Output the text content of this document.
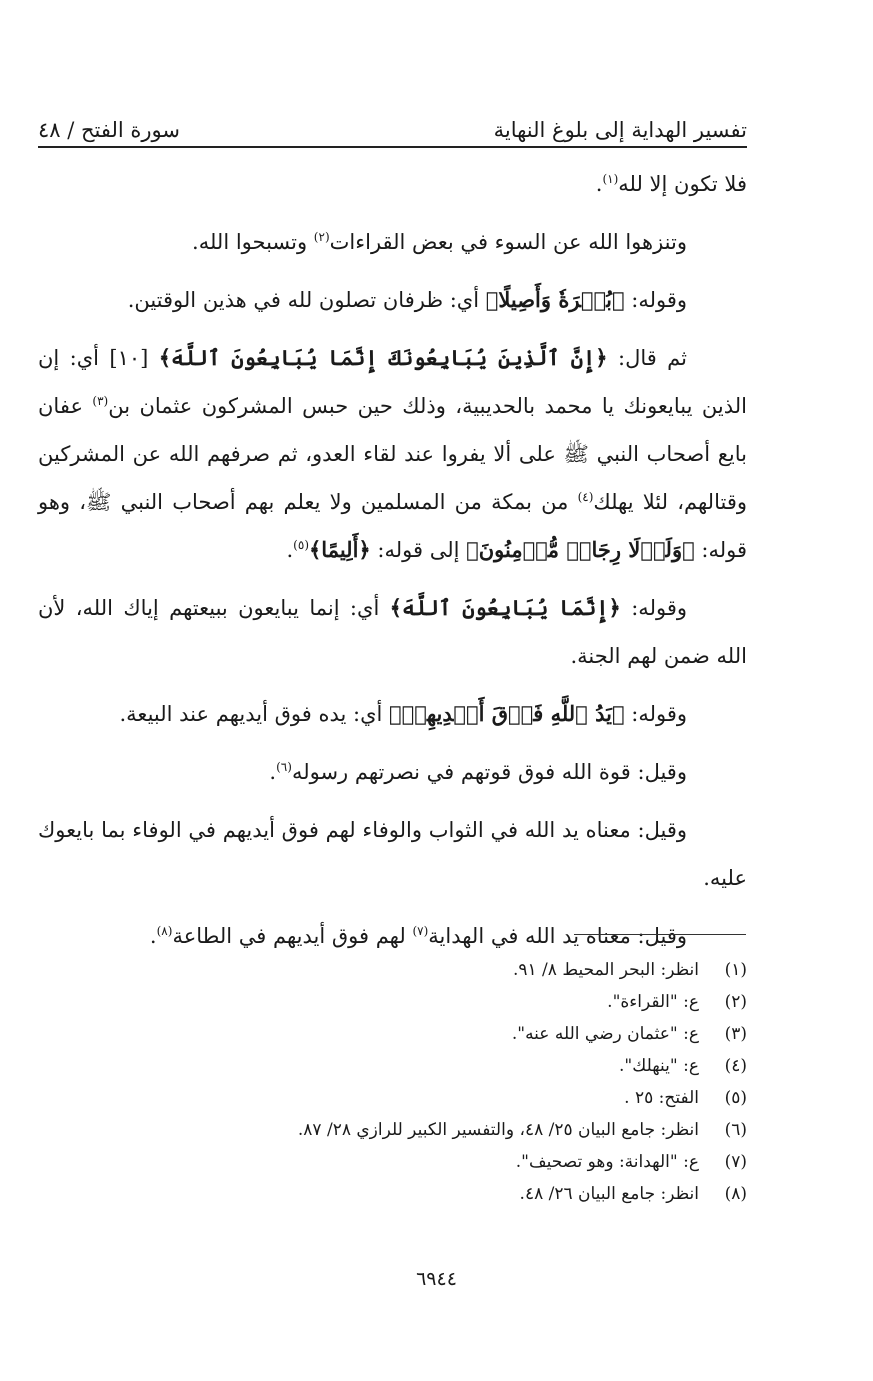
تفسير الهداية إلى بلوغ النهاية
سورة الفتح / ٤٨

فلا تكون إلا لله$^{(١)}$.

وتنزهوا الله عن السوء في بعض القراءات$^{(٢)}$ وتسبحوا الله.

وقوله: ﴿بُكۡرَةٗ وَأَصِيلًا﴾ أي: ظرفان تصلون لله في هذين الوقتين.

ثم قال: ﴿إِنَّ ٱلَّذِينَ يُبَايِعُونَكَ إِنَّمَا يُبَايِعُونَ ٱللَّهَ﴾ [١٠] أي: إن الذين يبايعونك يا محمد بالحديبية، وذلك حين حبس المشركون عثمان بن$^{(٣)}$ عفان بايع أصحاب النبي ﷺ على ألا يفروا عند لقاء العدو، ثم صرفهم الله عن المشركين وقتالهم، لئلا يهلك$^{(٤)}$ من بمكة من المسلمين ولا يعلم بهم أصحاب النبي ﷺ، وهو قوله: ﴿وَلَوۡلَا رِجَالٞ مُّؤۡمِنُونَ﴾ إلى قوله: ﴿أَلِيمًا﴾$^{(٥)}$.

وقوله: ﴿إِنَّمَا يُبَايِعُونَ ٱللَّهَ﴾ أي: إنما يبايعون ببيعتهم إياك الله، لأن الله ضمن لهم الجنة.

وقوله: ﴿يَدُ ٱللَّهِ فَوۡقَ أَيۡدِيهِمۡ﴾ أي: يده فوق أيديهم عند البيعة.

وقيل: قوة الله فوق قوتهم في نصرتهم رسوله$^{(٦)}$.

وقيل: معناه يد الله في الثواب والوفاء لهم فوق أيديهم في الوفاء بما بايعوك عليه.

وقيل: معناه يد الله في الهداية$^{(٧)}$ لهم فوق أيديهم في الطاعة$^{(٨)}$.

(١)
انظر: البحر المحيط ٨/ ٩١.
(٢)
ع: "القراءة".
(٣)
ع: "عثمان رضي الله عنه".
(٤)
ع: "ينهلك".
(٥)
الفتح: ٢٥ .
(٦)
انظر: جامع البيان ٢٥/ ٤٨، والتفسير الكبير للرازي ٢٨/ ٨٧.
(٧)
ع: "الهدانة: وهو تصحيف".
(٨)
انظر: جامع البيان ٢٦/ ٤٨.
٦٩٤٤
